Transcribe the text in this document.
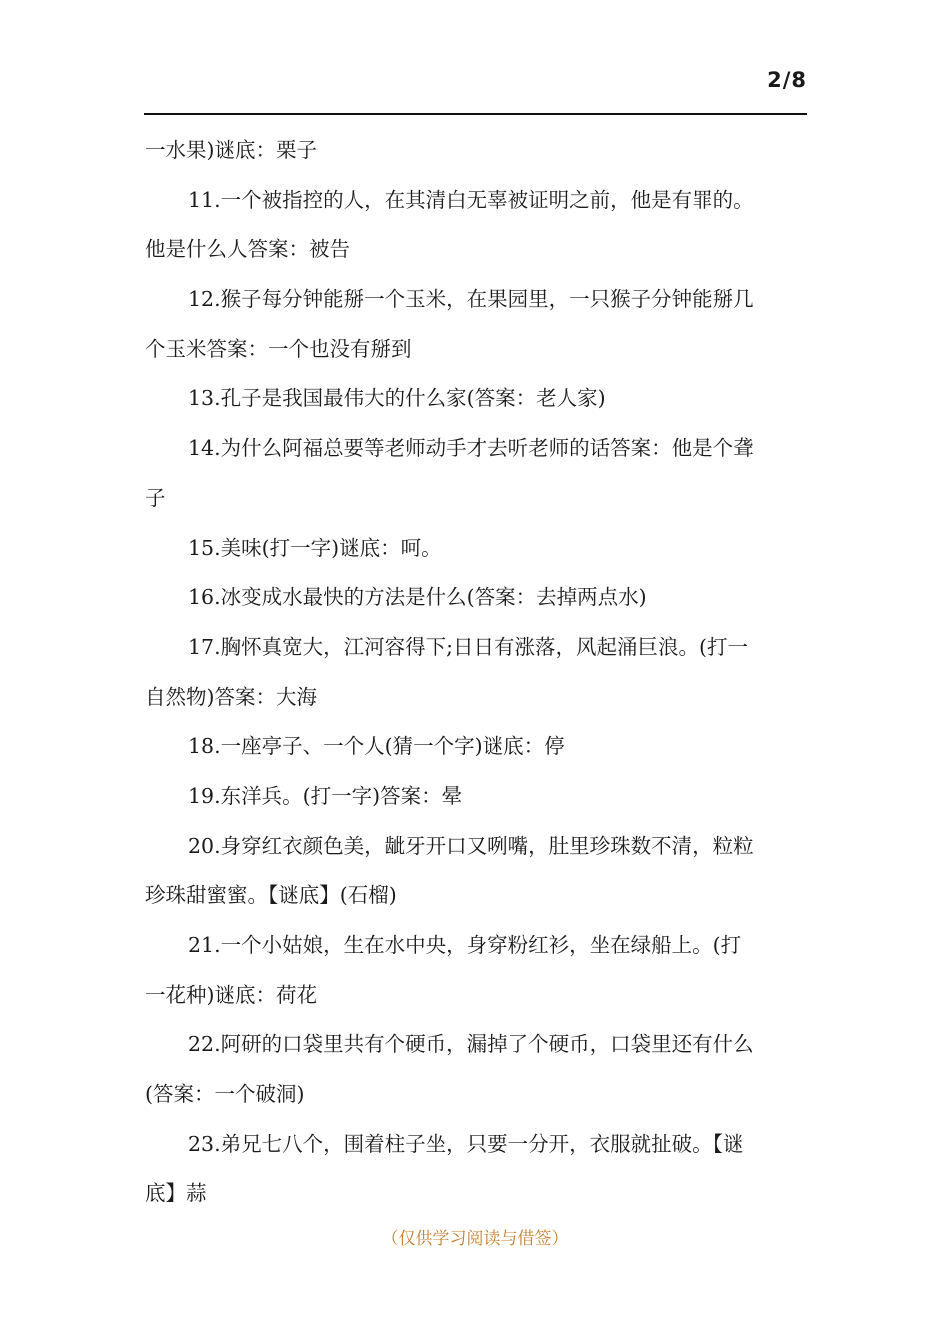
2/8
一水果)谜底：栗子
11.一个被指控的人，在其清白无辜被证明之前，他是有罪的。
他是什么人答案：被告
12.猴子每分钟能掰一个玉米，在果园里，一只猴子分钟能掰几
个玉米答案：一个也没有掰到
13.孔子是我国最伟大的什么家(答案：老人家)
14.为什么阿福总要等老师动手才去听老师的话答案：他是个聋
子
15.美味(打一字)谜底：呵。
16.冰变成水最快的方法是什么(答案：去掉两点水)
17.胸怀真宽大，江河容得下;日日有涨落，风起涌巨浪。(打一
自然物)答案：大海
18.一座亭子、一个人(猜一个字)谜底：停
19.东洋兵。(打一字)答案：晕
20.身穿红衣颜色美，龇牙开口又咧嘴，肚里珍珠数不清，粒粒
珍珠甜蜜蜜。【谜底】(石榴)
21.一个小姑娘，生在水中央，身穿粉红衫，坐在绿船上。(打
一花种)谜底：荷花
22.阿研的口袋里共有个硬币，漏掉了个硬币，口袋里还有什么
(答案：一个破洞)
23.弟兄七八个，围着柱子坐，只要一分开，衣服就扯破。【谜
底】蒜
（仅供学习阅读与借签）
